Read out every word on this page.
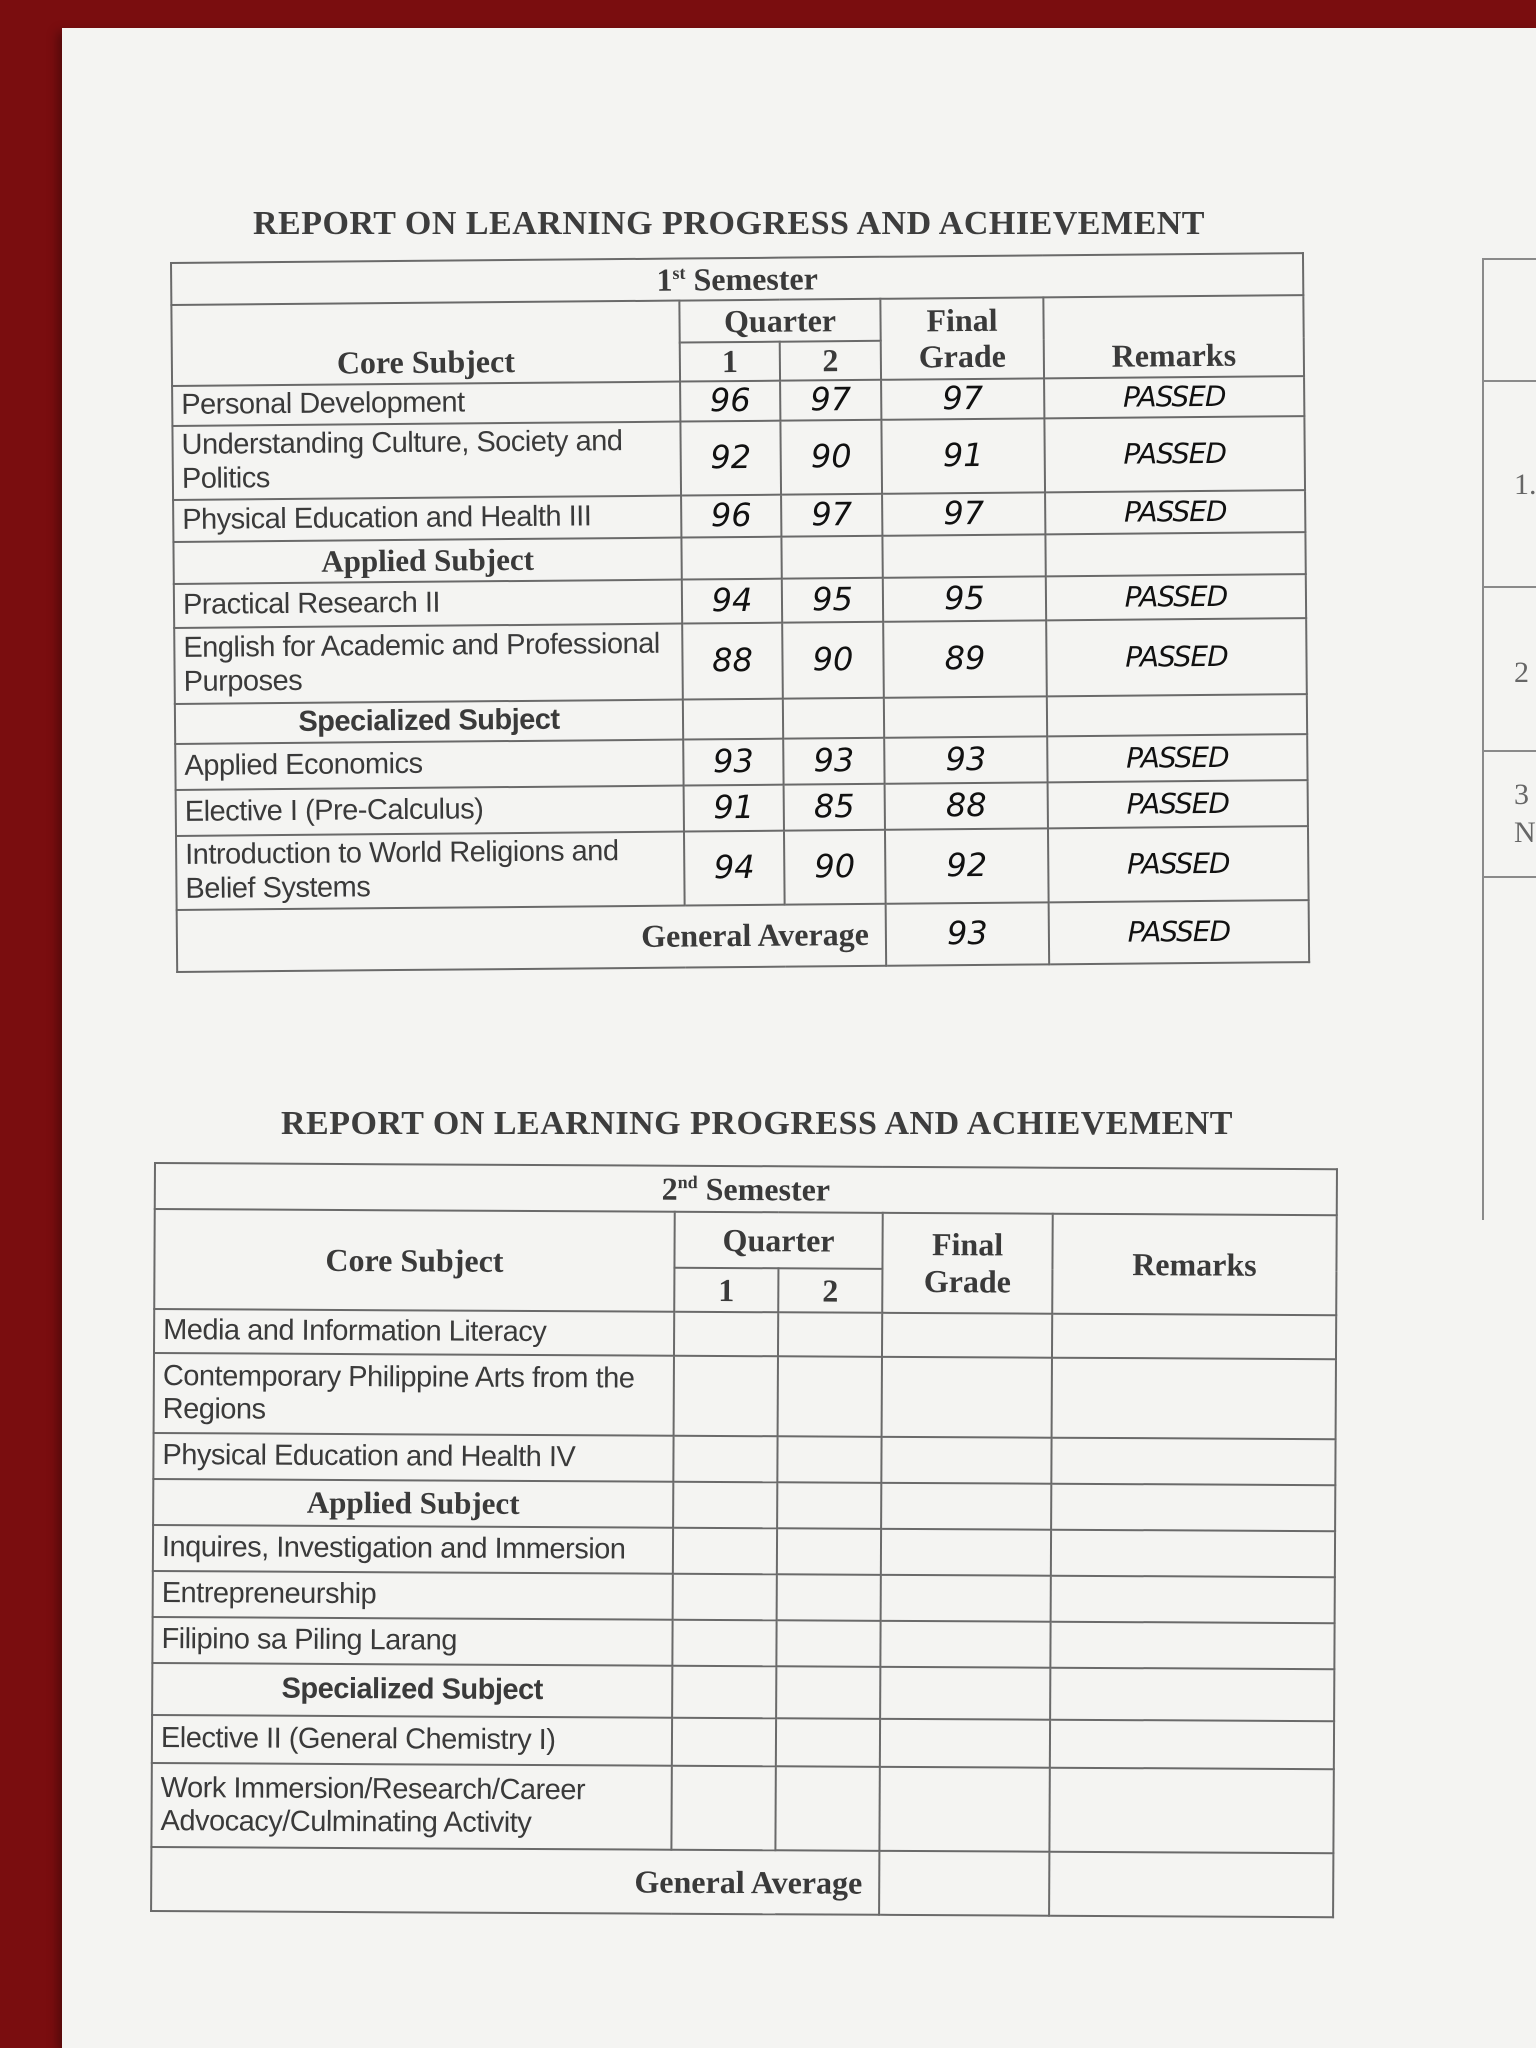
REPORT ON LEARNING PROGRESS AND ACHIEVEMENT
1st Semester				
Core Subject	Quarter		Final Grade	Remarks
	1	2		
Personal Development	96	97	97	PASSED
Understanding Culture, Society and Politics	92	90	91	PASSED
Physical Education and Health III	96	97	97	PASSED
Applied Subject				
Practical Research II	94	95	95	PASSED
English for Academic and Professional Purposes	88	90	89	PASSED
Specialized Subject				
Applied Economics	93	93	93	PASSED
Elective I (Pre-Calculus)	91	85	88	PASSED
Introduction to World Religions and Belief Systems	94	90	92	PASSED
General Average			93	PASSED
REPORT ON LEARNING PROGRESS AND ACHIEVEMENT
2nd Semester				
Core Subject	Quarter		Final Grade	Remarks
	1	2		
Media and Information Literacy				
Contemporary Philippine Arts from the Regions				
Physical Education and Health IV				
Applied Subject				
Inquires, Investigation and Immersion				
Entrepreneurship				
Filipino sa Piling Larang				
Specialized Subject				
Elective II (General Chemistry I)				
Work Immersion/Research/Career Advocacy/Culminating Activity				
General Average				
1.
2
3
N
